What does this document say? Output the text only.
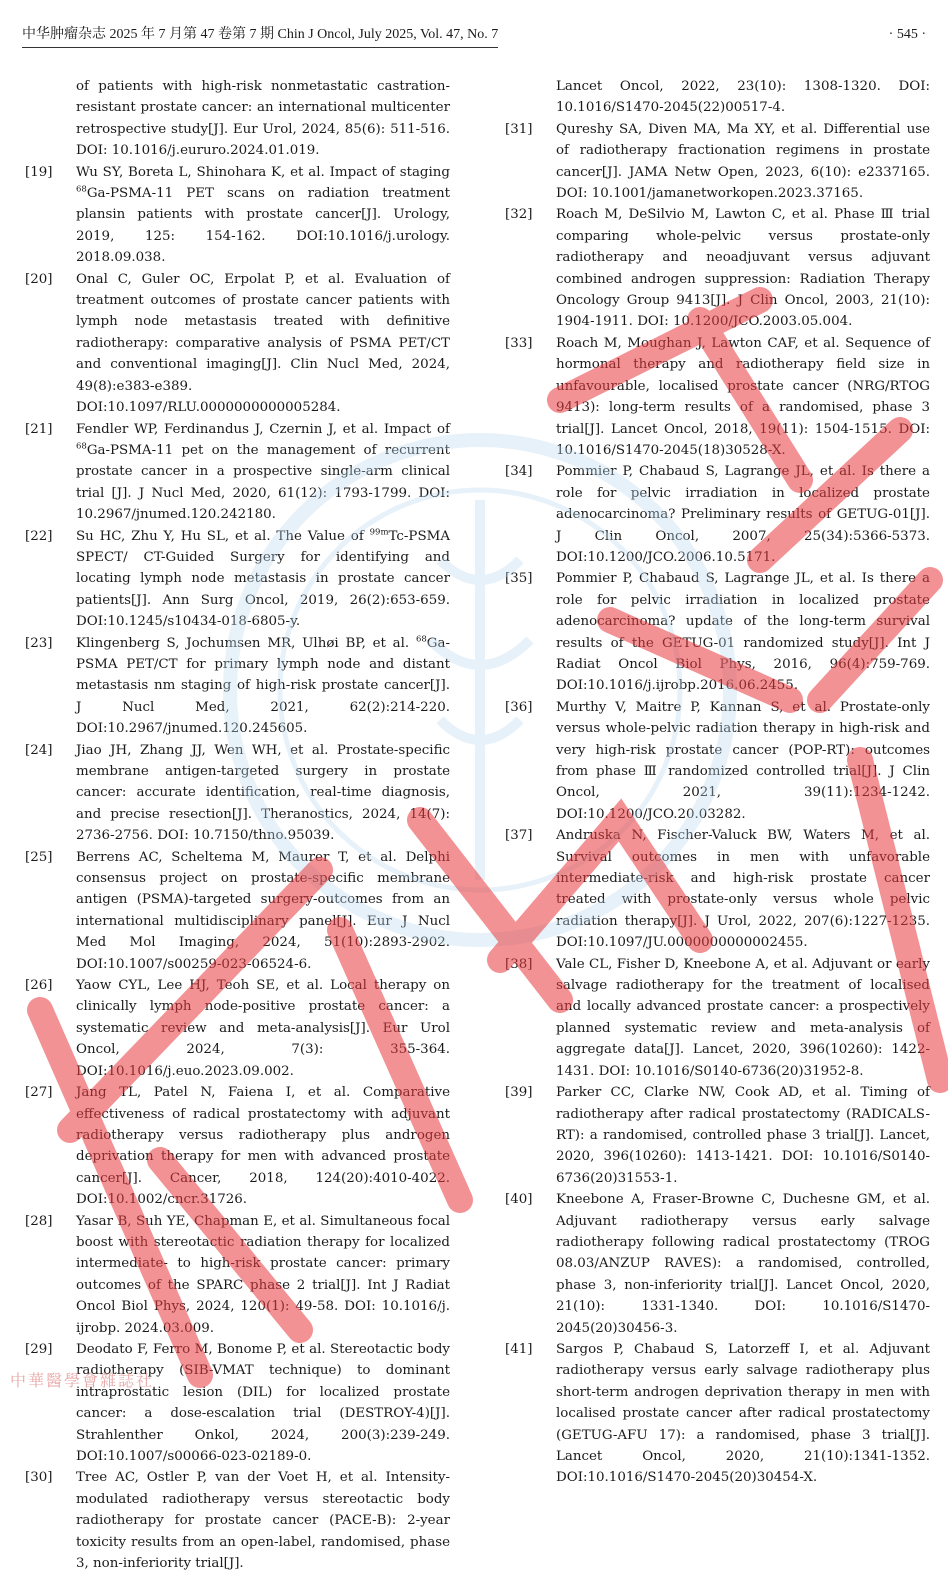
中华肿瘤杂志 2025 年 7 月第 47 卷第 7 期 Chin J Oncol, July 2025, Vol. 47, No. 7	· 545 ·
of patients with high-risk nonmetastatic castration-resistant prostate cancer: an international multicenter retrospective study[J]. Eur Urol, 2024, 85(6): 511-516. DOI: 10.1016/j.eururo.2024.01.019.
[19]	Wu SY, Boreta L, Shinohara K, et al. Impact of staging $^{68}$Ga-PSMA-11 PET scans on radiation treatment plansin patients with prostate cancer[J]. Urology, 2019, 125: 154-162. DOI:10.1016/j.urology. 2018.09.038.
[20]	Onal C, Guler OC, Erpolat P, et al. Evaluation of treatment outcomes of prostate cancer patients with lymph node metastasis treated with definitive radiotherapy: comparative analysis of PSMA PET/CT and conventional imaging[J]. Clin Nucl Med, 2024, 49(8):e383-e389. DOI:10.1097/RLU.0000000000005284.
[21]	Fendler WP, Ferdinandus J, Czernin J, et al. Impact of $^{68}$Ga-PSMA-11 pet on the management of recurrent prostate cancer in a prospective single-arm clinical trial [J]. J Nucl Med, 2020, 61(12): 1793-1799. DOI: 10.2967/jnumed.120.242180.
[22]	Su HC, Zhu Y, Hu SL, et al. The Value of $^{99m}$Tc-PSMA SPECT/ CT-Guided Surgery for identifying and locating lymph node metastasis in prostate cancer patients[J]. Ann Surg Oncol, 2019, 26(2):653-659. DOI:10.1245/s10434-018-6805-y.
[23]	Klingenberg S, Jochumsen MR, Ulhøi BP, et al. $^{68}$Ga-PSMA PET/CT for primary lymph node and distant metastasis nm staging of high-risk prostate cancer[J]. J Nucl Med, 2021, 62(2):214-220. DOI:10.2967/jnumed.120.245605.
[24]	Jiao JH, Zhang JJ, Wen WH, et al. Prostate-specific membrane antigen-targeted surgery in prostate cancer: accurate identification, real-time diagnosis, and precise resection[J]. Theranostics, 2024, 14(7): 2736-2756. DOI: 10.7150/thno.95039.
[25]	Berrens AC, Scheltema M, Maurer T, et al. Delphi consensus project on prostate-specific membrane antigen (PSMA)-targeted surgery-outcomes from an international multidisciplinary panel[J]. Eur J Nucl Med Mol Imaging, 2024, 51(10):2893-2902. DOI:10.1007/s00259-023-06524-6.
[26]	Yaow CYL, Lee HJ, Teoh SE, et al. Local therapy on clinically lymph node-positive prostate cancer: a systematic review and meta-analysis[J]. Eur Urol Oncol, 2024, 7(3): 355-364. DOI:10.1016/j.euo.2023.09.002.
[27]	Jang TL, Patel N, Faiena I, et al. Comparative effectiveness of radical prostatectomy with adjuvant radiotherapy versus radiotherapy plus androgen deprivation therapy for men with advanced prostate cancer[J]. Cancer, 2018, 124(20):4010-4022. DOI:10.1002/cncr.31726.
[28]	Yasar B, Suh YE, Chapman E, et al. Simultaneous focal boost with stereotactic radiation therapy for localized intermediate- to high-risk prostate cancer: primary outcomes of the SPARC phase 2 trial[J]. Int J Radiat Oncol Biol Phys, 2024, 120(1): 49-58. DOI: 10.1016/j. ijrobp. 2024.03.009.
[29]	Deodato F, Ferro M, Bonome P, et al. Stereotactic body radiotherapy (SIB-VMAT technique) to dominant intraprostatic lesion (DIL) for localized prostate cancer: a dose-escalation trial (DESTROY-4)[J]. Strahlenther Onkol, 2024, 200(3):239-249. DOI:10.1007/s00066-023-02189-0.
[30]	Tree AC, Ostler P, van der Voet H, et al. Intensity-modulated radiotherapy versus stereotactic body radiotherapy for prostate cancer (PACE-B): 2-year toxicity results from an open-label, randomised, phase 3, non-inferiority trial[J].
Lancet Oncol, 2022, 23(10): 1308-1320. DOI: 10.1016/S1470-2045(22)00517-4.
[31]	Qureshy SA, Diven MA, Ma XY, et al. Differential use of radiotherapy fractionation regimens in prostate cancer[J]. JAMA Netw Open, 2023, 6(10): e2337165. DOI: 10.1001/jamanetworkopen.2023.37165.
[32]	Roach M, DeSilvio M, Lawton C, et al. Phase Ⅲ trial comparing whole-pelvic versus prostate-only radiotherapy and neoadjuvant versus adjuvant combined androgen suppression: Radiation Therapy Oncology Group 9413[J]. J Clin Oncol, 2003, 21(10): 1904-1911. DOI: 10.1200/JCO.2003.05.004.
[33]	Roach M, Moughan J, Lawton CAF, et al. Sequence of hormonal therapy and radiotherapy field size in unfavourable, localised prostate cancer (NRG/RTOG 9413): long-term results of a randomised, phase 3 trial[J]. Lancet Oncol, 2018, 19(11): 1504-1515. DOI: 10.1016/S1470-2045(18)30528-X.
[34]	Pommier P, Chabaud S, Lagrange JL, et al. Is there a role for pelvic irradiation in localized prostate adenocarcinoma? Preliminary results of GETUG-01[J]. J Clin Oncol, 2007, 25(34):5366-5373. DOI:10.1200/JCO.2006.10.5171.
[35]	Pommier P, Chabaud S, Lagrange JL, et al. Is there a role for pelvic irradiation in localized prostate adenocarcinoma? update of the long-term survival results of the GETUG-01 randomized study[J]. Int J Radiat Oncol Biol Phys, 2016, 96(4):759-769. DOI:10.1016/j.ijrobp.2016.06.2455.
[36]	Murthy V, Maitre P, Kannan S, et al. Prostate-only versus whole-pelvic radiation therapy in high-risk and very high-risk prostate cancer (POP-RT): outcomes from phase Ⅲ randomized controlled trial[J]. J Clin Oncol, 2021, 39(11):1234-1242. DOI:10.1200/JCO.20.03282.
[37]	Andruska N, Fischer-Valuck BW, Waters M, et al. Survival outcomes in men with unfavorable intermediate-risk and high-risk prostate cancer treated with prostate-only versus whole pelvic radiation therapy[J]. J Urol, 2022, 207(6):1227-1235. DOI:10.1097/JU.0000000000002455.
[38]	Vale CL, Fisher D, Kneebone A, et al. Adjuvant or early salvage radiotherapy for the treatment of localised and locally advanced prostate cancer: a prospectively planned systematic review and meta-analysis of aggregate data[J]. Lancet, 2020, 396(10260): 1422-1431. DOI: 10.1016/S0140-6736(20)31952-8.
[39]	Parker CC, Clarke NW, Cook AD, et al. Timing of radiotherapy after radical prostatectomy (RADICALS-RT): a randomised, controlled phase 3 trial[J]. Lancet, 2020, 396(10260): 1413-1421. DOI: 10.1016/S0140-6736(20)31553-1.
[40]	Kneebone A, Fraser-Browne C, Duchesne GM, et al. Adjuvant radiotherapy versus early salvage radiotherapy following radical prostatectomy (TROG 08.03/ANZUP RAVES): a randomised, controlled, phase 3, non-inferiority trial[J]. Lancet Oncol, 2020, 21(10): 1331-1340. DOI: 10.1016/S1470-2045(20)30456-3.
[41]	Sargos P, Chabaud S, Latorzeff I, et al. Adjuvant radiotherapy versus early salvage radiotherapy plus short-term androgen deprivation therapy in men with localised prostate cancer after radical prostatectomy (GETUG-AFU 17): a randomised, phase 3 trial[J]. Lancet Oncol, 2020, 21(10):1341-1352. DOI:10.1016/S1470-2045(20)30454-X.
中華醫學會雜誌社
